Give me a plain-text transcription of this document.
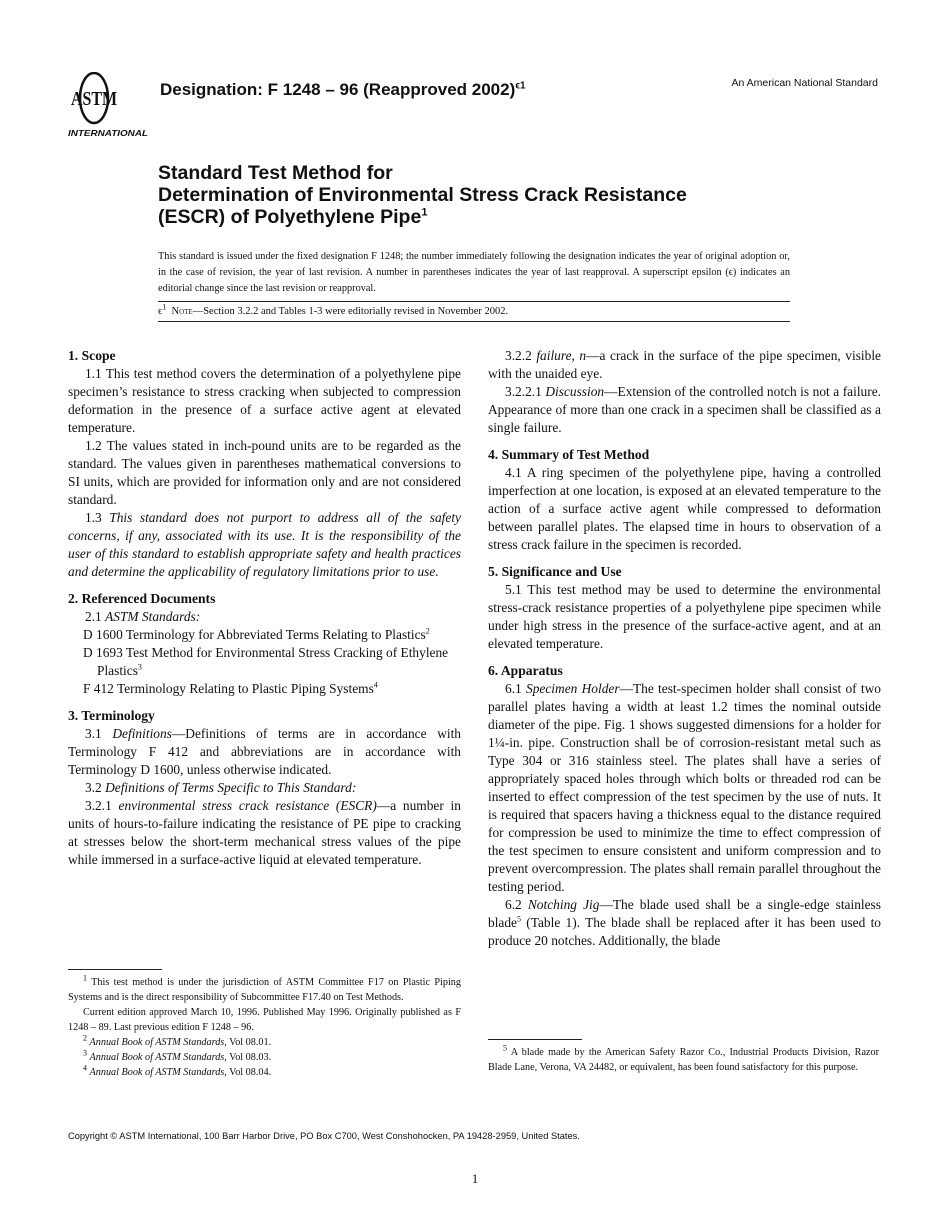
ASTM
INTERNATIONAL
Designation: F 1248 – 96 (Reapproved 2002)$^{\epsilon 1}$	An American National Standard
Standard Test Method for
Determination of Environmental Stress Crack Resistance
(ESCR) of Polyethylene Pipe$^1$
This standard is issued under the fixed designation F 1248; the number immediately following the designation indicates the year of original adoption or, in the case of revision, the year of last revision. A number in parentheses indicates the year of last reapproval. A superscript epsilon (ϵ) indicates an editorial change since the last revision or reapproval.
$\epsilon^1$ Note—Section 3.2.2 and Tables 1-3 were editorially revised in November 2002.
1. Scope

1.1 This test method covers the determination of a polyethylene pipe specimen’s resistance to stress cracking when subjected to compression deformation in the presence of a surface active agent at elevated temperature.

1.2 The values stated in inch-pound units are to be regarded as the standard. The values given in parentheses mathematical conversions to SI units, which are provided for information only and are not considered standard.

1.3 This standard does not purport to address all of the safety concerns, if any, associated with its use. It is the responsibility of the user of this standard to establish appropriate safety and health practices and determine the applicability of regulatory limitations prior to use.

2. Referenced Documents

2.1 ASTM Standards:

D 1600 Terminology for Abbreviated Terms Relating to Plastics$^2$

D 1693 Test Method for Environmental Stress Cracking of Ethylene Plastics$^3$

F 412 Terminology Relating to Plastic Piping Systems$^4$

3. Terminology

3.1 Definitions—Definitions of terms are in accordance with Terminology F 412 and abbreviations are in accordance with Terminology D 1600, unless otherwise indicated.

3.2 Definitions of Terms Specific to This Standard:

3.2.1 environmental stress crack resistance (ESCR)—a number in units of hours-to-failure indicating the resistance of PE pipe to cracking at stresses below the short-term mechanical stress values of the pipe while immersed in a surface-active liquid at elevated temperature.

3.2.2 failure, n—a crack in the surface of the pipe specimen, visible with the unaided eye.

3.2.2.1 Discussion—Extension of the controlled notch is not a failure. Appearance of more than one crack in a specimen shall be classified as a single failure.

4. Summary of Test Method

4.1 A ring specimen of the polyethylene pipe, having a controlled imperfection at one location, is exposed at an elevated temperature to the action of a surface active agent while compressed to deformation between parallel plates. The elapsed time in hours to observation of a stress crack failure in the specimen is recorded.

5. Significance and Use

5.1 This test method may be used to determine the environmental stress-crack resistance properties of a polyethylene pipe specimen while under high stress in the presence of the surface-active agent, and at an elevated temperature.

6. Apparatus

6.1 Specimen Holder—The test-specimen holder shall consist of two parallel plates having a width at least 1.2 times the nominal outside diameter of the pipe. Fig. 1 shows suggested dimensions for a holder for 1¼-in. pipe. Construction shall be of corrosion-resistant metal such as Type 304 or 316 stainless steel. The plates shall have a series of appropriately spaced holes through which bolts or threaded rod can be inserted to effect compression of the test specimen by the use of nuts. It is required that spacers having a thickness equal to the distance required for compression be used to minimize the time to effect compression of the test specimen to ensure consistent and uniform compression and to prevent overcompression. The plates shall remain parallel throughout the testing period.

6.2 Notching Jig—The blade used shall be a single-edge stainless blade$^5$ (Table 1). The blade shall be replaced after it has been used to produce 20 notches. Additionally, the blade

$^1$ This test method is under the jurisdiction of ASTM Committee F17 on Plastic Piping Systems and is the direct responsibility of Subcommittee F17.40 on Test Methods.

Current edition approved March 10, 1996. Published May 1996. Originally published as F 1248 – 89. Last previous edition F 1248 – 96.

$^2$ Annual Book of ASTM Standards, Vol 08.01.

$^3$ Annual Book of ASTM Standards, Vol 08.03.

$^4$ Annual Book of ASTM Standards, Vol 08.04.

$^5$ A blade made by the American Safety Razor Co., Industrial Products Division, Razor Blade Lane, Verona, VA 24482, or equivalent, has been found satisfactory for this purpose.

Copyright © ASTM International, 100 Barr Harbor Drive, PO Box C700, West Conshohocken, PA 19428-2959, United States.
1
